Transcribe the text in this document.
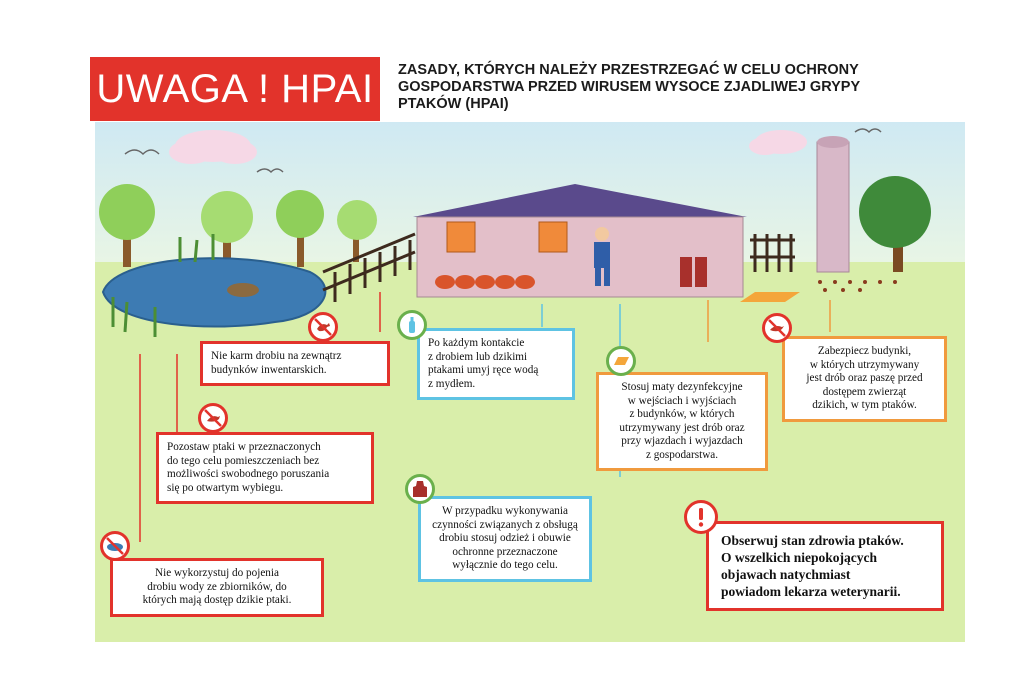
UWAGA ! HPAI	ZASADY, KTÓRYCH NALEŻY PRZESTRZEGAĆ W CELU OCHRONY
GOSPODARSTWA PRZED WIRUSEM WYSOCE ZJADLIWEJ GRYPY
PTAKÓW (HPAI)
Nie karm drobiu na zewnątrz
budynków inwentarskich.
Po każdym kontakcie
z drobiem lub dzikimi
ptakami umyj ręce wodą
z mydłem.	Stosuj maty dezynfekcyjne
w wejściach i wyjściach
z budynków, w których
utrzymywany jest drób oraz
przy wjazdach i wyjazdach
z gospodarstwa.
Zabezpiecz budynki,
w których utrzymywany
jest drób oraz paszę przed
dostępem zwierząt
dzikich, w tym ptaków.
Pozostaw ptaki w przeznaczonych
do tego celu pomieszczeniach bez
możliwości swobodnego poruszania
się po otwartym wybiegu.
W przypadku wykonywania
czynności związanych z obsługą
drobiu stosuj odzież i obuwie
ochronne przeznaczone
wyłącznie do tego celu.
Nie wykorzystuj do pojenia
drobiu wody ze zbiorników, do
których mają dostęp dzikie ptaki.
Obserwuj stan zdrowia ptaków.
O wszelkich niepokojących
objawach natychmiast
powiadom lekarza weterynarii.
